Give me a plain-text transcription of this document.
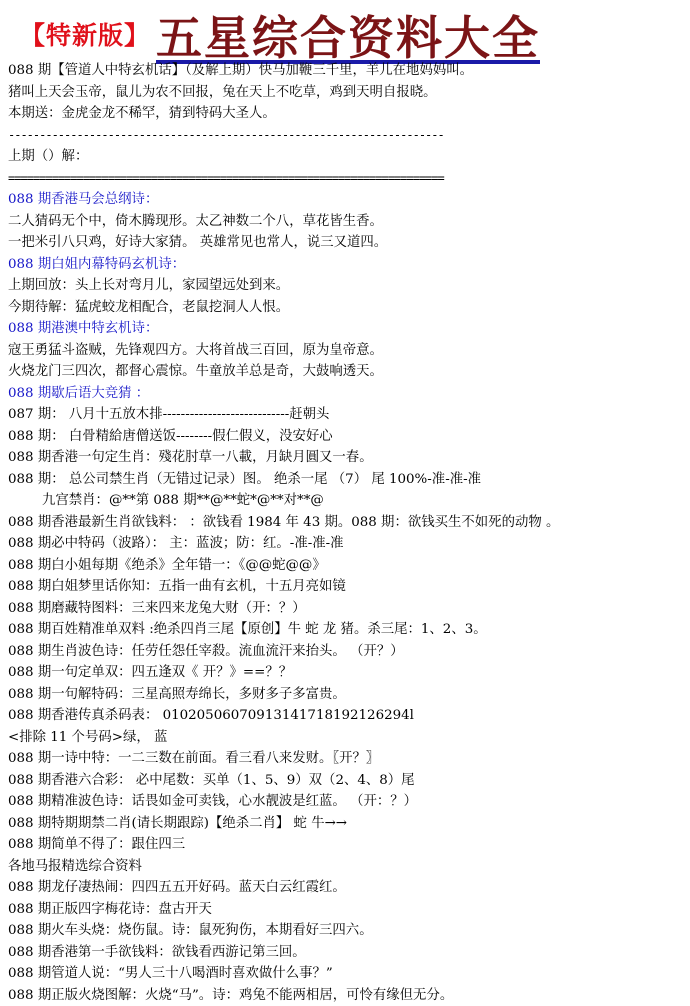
【特新版】 五星综合资料大全
088 期【管道人中特玄机话】（及解上期）快马加鞭三千里，羊儿在地妈妈叫。
猪叫上天会玉帝，鼠儿为农不回报，兔在天上不吃草，鸡到天明自报晓。
本期送：金虎金龙不稀罕，猜到特码大圣人。
----------------------------------------------------------------------
上期（）解：
======================================================================
088 期香港马会总纲诗：
二人猜码无个中，倚木腾现形。太乙神数二个八，草花皆生香。
一把米引八只鸡，好诗大家猜。 英雄常见也常人，说三又道四。
088 期白姐内幕特码玄机诗：
上期回放：头上长对弯月儿，家园望远处到来。
今期待解：猛虎蛟龙相配合，老鼠挖洞人人恨。
088 期港澳中特玄机诗：
寇王勇猛斗盗贼，先锋观四方。大将首战三百回，原为皇帝意。
火烧龙门三四次，都督心震惊。牛童放羊总是奇，大鼓响透天。
088 期歇后语大竞猜 ：
087 期： 八月十五放木排----------------------------赶朝头
088 期： 白骨精給唐僧送饭--------假仁假义，没安好心
088 期香港一句定生肖：殘花肘草一八載，月缺月圓又一春。
088 期： 总公司禁生肖（无错过记录）图。 绝杀一尾 （7） 尾 100%-准-准-准
九宫禁肖：@**第 088 期**@**蛇*@**对**@
088 期香港最新生肖欲钱料： ：欲钱看 1984 年 43 期。088 期：欲钱买生不如死的动物 。
088 期必中特码（波路）： 主：蓝波；防：红。-准-准-准
088 期白小姐每期《绝杀》全年错一：《@@蛇@@》
088 期白姐梦里话你知：五指一曲有玄机，十五月亮如镜
088 期磨藏特图料：三来四来龙兔大财（开：？）
088 期百姓精准单双料 :绝杀四肖三尾【原创】牛 蛇 龙 猪。杀三尾：1、2、3。
088 期生肖波色诗：任劳任怨任宰殺。流血流汗来抬头。 （开？）
088 期一句定单双：四五逢双《 开？》==？？
088 期一句解特码：三星高照寿绵长，多财多子多富贵。
088 期香港传真杀码表： 01020506070913141718192126294l
<排除 11 个号码>绿， 蓝
088 期一诗中特：一二三数在前面。看三看八来发财。〖开？〗
088 期香港六合彩： 必中尾数：买单（1、5、9）双（2、4、8）尾
088 期精准波色诗：话畏如金可卖钱，心水靓波是红蓝。 （开：？）
088 期特期期禁二肖(请长期跟踪)【绝杀二肖】 蛇 牛→→
088 期简单不得了：跟住四三
各地马报精选综合资料
088 期龙仔凄热闹：四四五五开好码。蓝天白云红霞红。
088 期正版四字梅花诗：盘古开天
088 期火车头烧：烧伤鼠。诗：鼠死狗伤，本期看好三四六。
088 期香港第一手欲钱料：欲钱看西游记第三回。
088 期管道人说：“男人三十八喝酒时喜欢做什么事？”
088 期正版火烧图解：火烧“马”。诗：鸡兔不能两相居，可怜有缘但无分。
